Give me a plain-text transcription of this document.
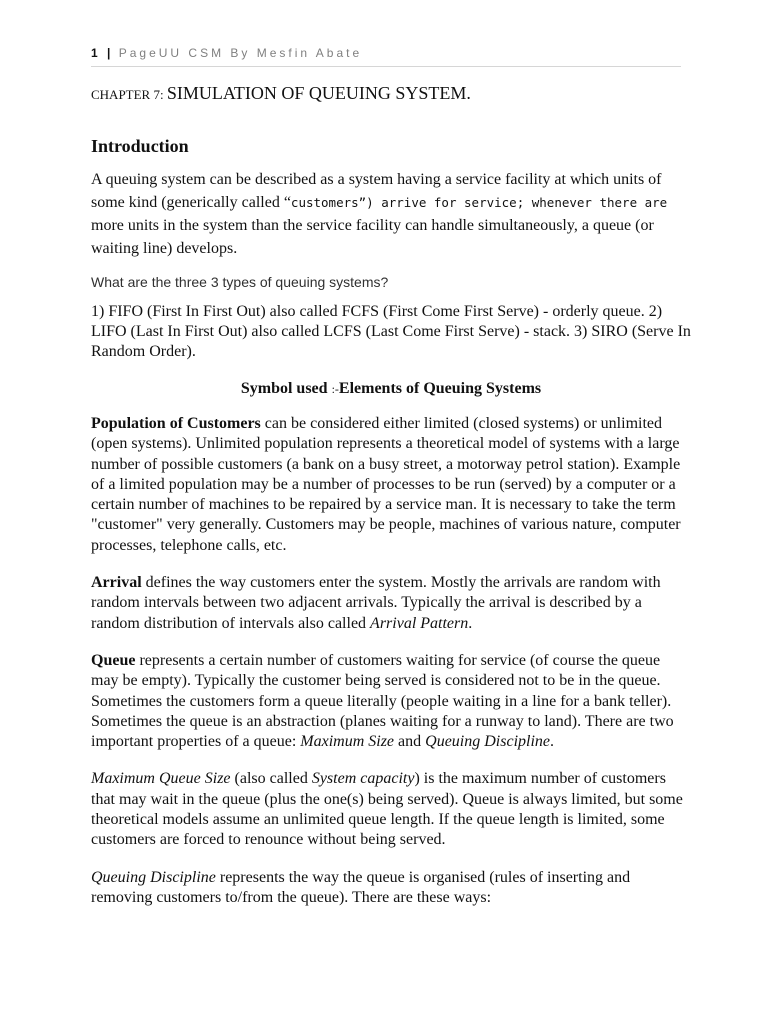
1 | PageUU CSM By Mesfin Abate

CHAPTER 7: SIMULATION OF QUEUING SYSTEM.

Introduction

A queuing system can be described as a system having a service facility at which units of some kind (generically called “customers”) arrive for service; whenever there are more units in the system than the service facility can handle simultaneously, a queue (or waiting line) develops.

What are the three 3 types of queuing systems?

1) FIFO (First In First Out) also called FCFS (First Come First Serve) - orderly queue. 2) LIFO (Last In First Out) also called LCFS (Last Come First Serve) - stack. 3) SIRO (Serve In Random Order).

Symbol used :-Elements of Queuing Systems

Population of Customers can be considered either limited (closed systems) or unlimited (open systems). Unlimited population represents a theoretical model of systems with a large number of possible customers (a bank on a busy street, a motorway petrol station). Example of a limited population may be a number of processes to be run (served) by a computer or a certain number of machines to be repaired by a service man. It is necessary to take the term "customer" very generally. Customers may be people, machines of various nature, computer processes, telephone calls, etc.

Arrival defines the way customers enter the system. Mostly the arrivals are random with random intervals between two adjacent arrivals. Typically the arrival is described by a random distribution of intervals also called Arrival Pattern.

Queue represents a certain number of customers waiting for service (of course the queue may be empty). Typically the customer being served is considered not to be in the queue. Sometimes the customers form a queue literally (people waiting in a line for a bank teller). Sometimes the queue is an abstraction (planes waiting for a runway to land). There are two important properties of a queue: Maximum Size and Queuing Discipline.

Maximum Queue Size (also called System capacity) is the maximum number of customers that may wait in the queue (plus the one(s) being served). Queue is always limited, but some theoretical models assume an unlimited queue length. If the queue length is limited, some customers are forced to renounce without being served.

Queuing Discipline represents the way the queue is organised (rules of inserting and removing customers to/from the queue). There are these ways:
